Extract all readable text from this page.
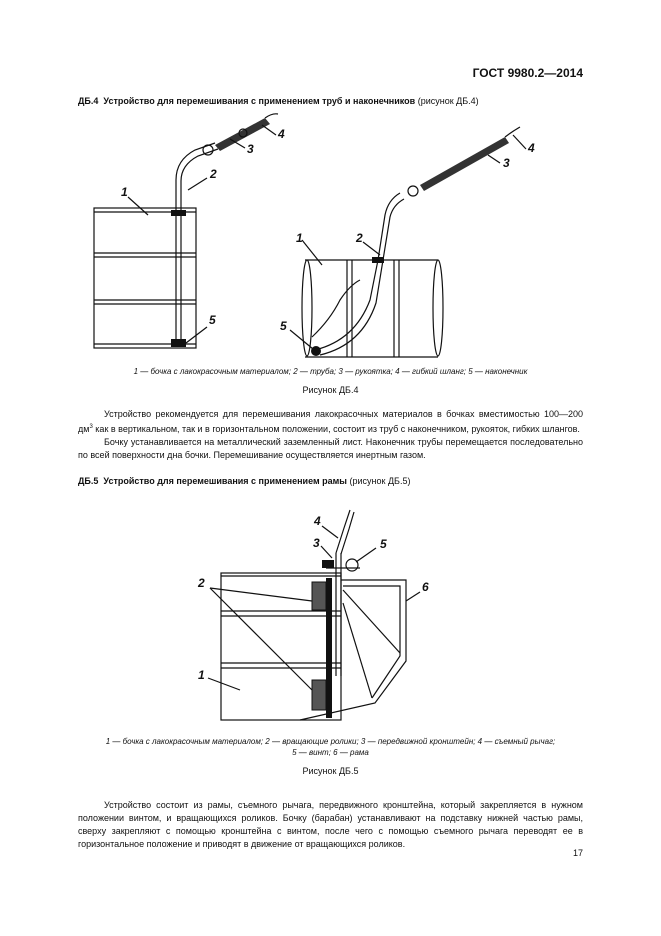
ГОСТ 9980.2—2014
ДБ.4 Устройство для перемешивания с применением труб и наконечников (рисунок ДБ.4)
1
2
3
4
5
1	2
3
4
5
1 — бочка с лакокрасочным материалом; 2 — труба; 3 — рукоятка; 4 — гибкий шланг; 5 — наконечник
Рисунок ДБ.4

Устройство рекомендуется для перемешивания лакокрасочных материалов в бочках вместимостью 100—200 $дм^3$ как в вертикальном, так и в горизонтальном положении, состоит из труб с наконечником, рукояток, гибких шлангов.

Бочку устанавливается на металлический заземленный лист. Наконечник трубы перемещается последовательно по всей поверхности дна бочки. Перемешивание осуществляется инертным газом.

ДБ.5 Устройство для перемешивания с применением рамы (рисунок ДБ.5)
2
3
4
5
6
1
1 — бочка с лакокрасочным материалом; 2 — вращающие ролики; 3 — передвижной кронштейн; 4 — съемный рычаг;
5 — винт; 6 — рама
Рисунок ДБ.5

Устройство состоит из рамы, съемного рычага, передвижного кронштейна, который закрепляется в нужном положении винтом, и вращающихся роликов. Бочку (барабан) устанавливают на подставку нижней частью рамы, сверху закрепляют с помощью кронштейна с винтом, после чего с помощью съемного рычага переводят ее в горизонтальное положение и приводят в движение от вращающихся роликов.

17
